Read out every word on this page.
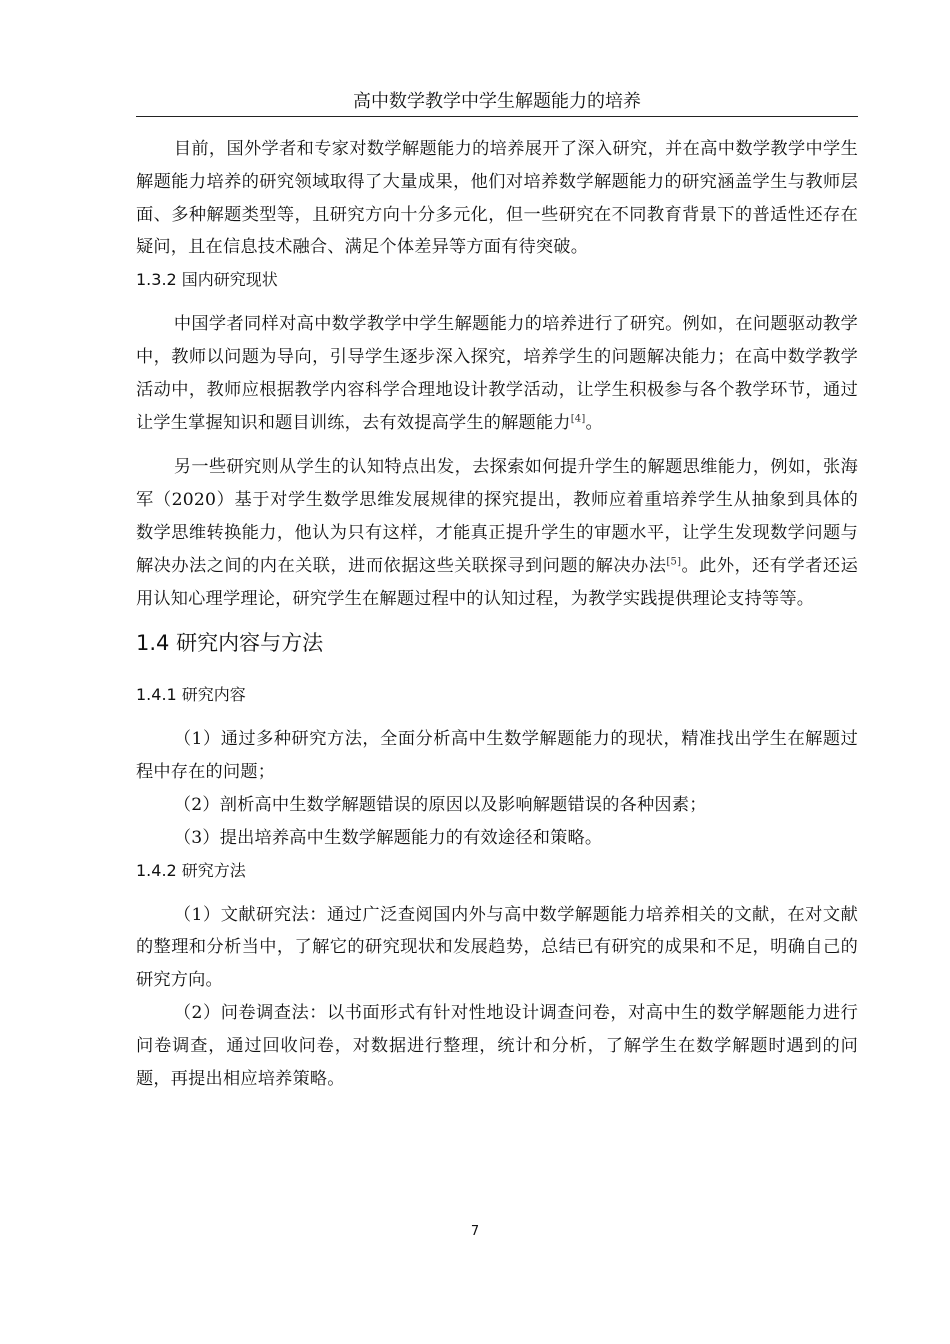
高中数学教学中学生解题能力的培养

目前，国外学者和专家对数学解题能力的培养展开了深入研究，并在高中数学教学中学生解题能力培养的研究领域取得了大量成果，他们对培养数学解题能力的研究涵盖学生与教师层面、多种解题类型等，且研究方向十分多元化，但一些研究在不同教育背景下的普适性还存在疑问，且在信息技术融合、满足个体差异等方面有待突破。

1.3.2 国内研究现状

中国学者同样对高中数学教学中学生解题能力的培养进行了研究。例如，在问题驱动教学中，教师以问题为导向，引导学生逐步深入探究，培养学生的问题解决能力；在高中数学教学活动中，教师应根据教学内容科学合理地设计教学活动，让学生积极参与各个教学环节，通过让学生掌握知识和题目训练，去有效提高学生的解题能力[4]。

另一些研究则从学生的认知特点出发，去探索如何提升学生的解题思维能力，例如，张海军（2020）基于对学生数学思维发展规律的探究提出，教师应着重培养学生从抽象到具体的数学思维转换能力，他认为只有这样，才能真正提升学生的审题水平，让学生发现数学问题与解决办法之间的内在关联，进而依据这些关联探寻到问题的解决办法[5]。此外，还有学者还运用认知心理学理论，研究学生在解题过程中的认知过程，为教学实践提供理论支持等等。

1.4 研究内容与方法
1.4.1 研究内容

（1）通过多种研究方法，全面分析高中生数学解题能力的现状，精准找出学生在解题过程中存在的问题；

（2）剖析高中生数学解题错误的原因以及影响解题错误的各种因素；

（3）提出培养高中生数学解题能力的有效途径和策略。

1.4.2 研究方法

（1）文献研究法：通过广泛查阅国内外与高中数学解题能力培养相关的文献，在对文献的整理和分析当中，了解它的研究现状和发展趋势，总结已有研究的成果和不足，明确自己的研究方向。

（2）问卷调查法：以书面形式有针对性地设计调查问卷，对高中生的数学解题能力进行问卷调查，通过回收问卷，对数据进行整理，统计和分析，了解学生在数学解题时遇到的问题，再提出相应培养策略。

7
